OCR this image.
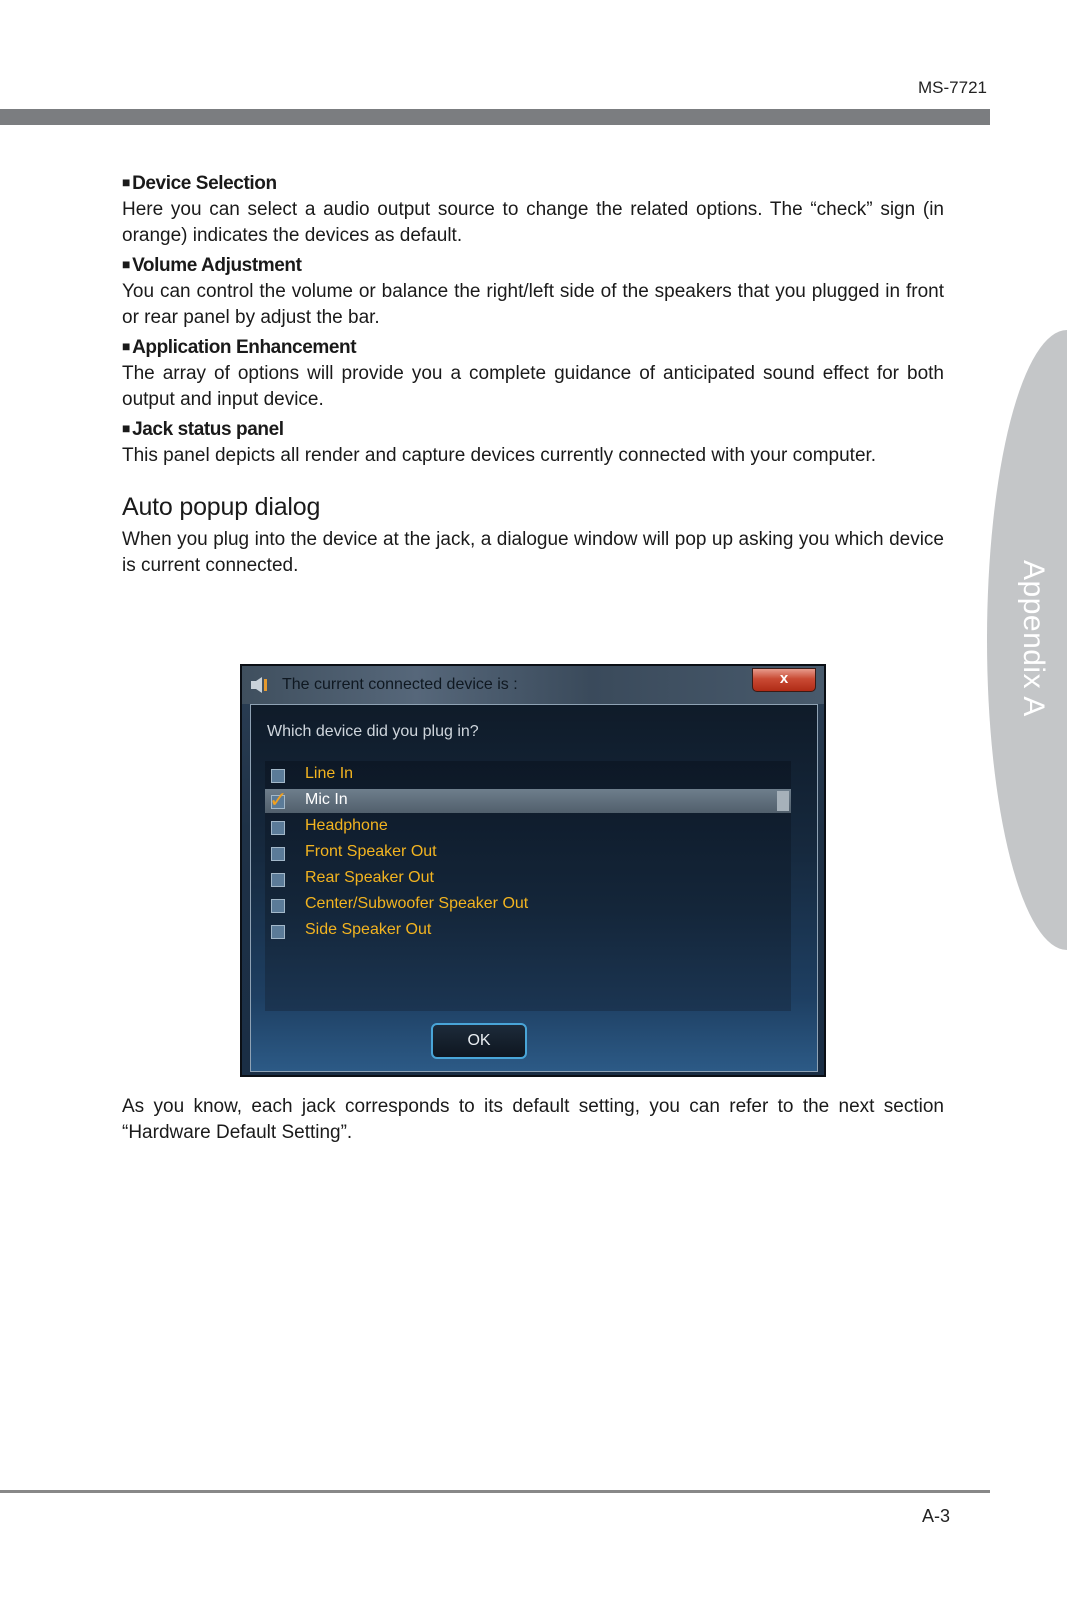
MS-7721
Appendix A
■ Device Selection

Here you can select a audio output source to change the related options. The “check” sign (in orange) indicates the devices as default.

■ Volume Adjustment

You can control the volume or balance the right/left side of the speakers that you plugged in front or rear panel by adjust the bar.

■ Application Enhancement

The array of options will provide you a complete guidance of anticipated sound effect for both output and input device.

■ Jack status panel

This panel depicts all render and capture devices currently connected with your computer.

Auto popup dialog

When you plug into the device at the jack, a dialogue window will pop up asking you which device is current connected.

The current connected device is :	x
Which device did you plug in?
Line In
✓ Mic In
Headphone
Front Speaker Out
Rear Speaker Out
Center/Subwoofer Speaker Out
Side Speaker Out
OK

As you know, each jack corresponds to its default setting, you can refer to the next section “Hardware Default Setting”.

A-3
